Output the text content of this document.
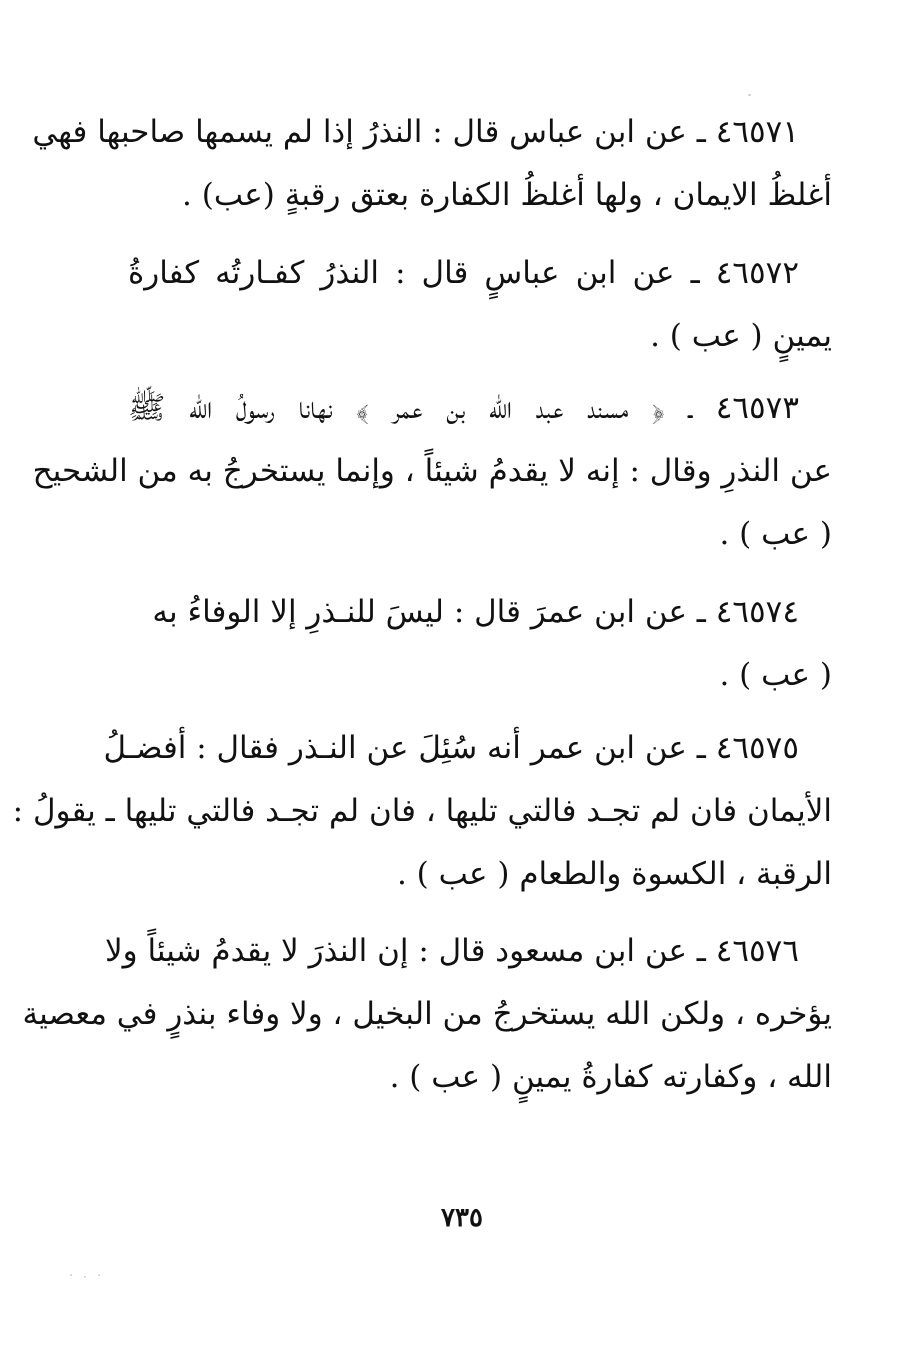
٤٦٥٧١ ـ عن ابن عباس قال : النذرُ إذا لم يسمها صاحبها فهي
أغلظُ الايمان ، ولها أغلظُ الكفارة بعتق رقبةٍ (عب) .
٤٦٥٧٢ ـ عن ابن عباسٍ قال : النذرُ كفـارتُه كفارةُ
يمينٍ ( عب ) .
٤٦٥٧٣ ـ ﴿ مسند عبد الله بن عمر ﴾ نهانا رسولُ الله ﷺ
عن النذرِ وقال : إنه لا يقدمُ شيئاً ، وإنما يستخرجُ به من الشحيح
( عب ) .
٤٦٥٧٤ ـ عن ابن عمرَ قال : ليسَ للنـذرِ إلا الوفاءُ به
( عب ) .
٤٦٥٧٥ ـ عن ابن عمر أنه سُئِلَ عن النـذر فقال : أفضـلُ
الأيمان فان لم تجـد فالتي تليها ، فان لم تجـد فالتي تليها ـ يقولُ :
الرقبة ، الكسوة والطعام ( عب ) .
٤٦٥٧٦ ـ عن ابن مسعود قال : إن النذرَ لا يقدمُ شيئاً ولا
يؤخره ، ولكن الله يستخرجُ من البخيل ، ولا وفاء بنذرٍ في معصية
الله ، وكفارته كفارةُ يمينٍ ( عب ) .
٧٣٥
